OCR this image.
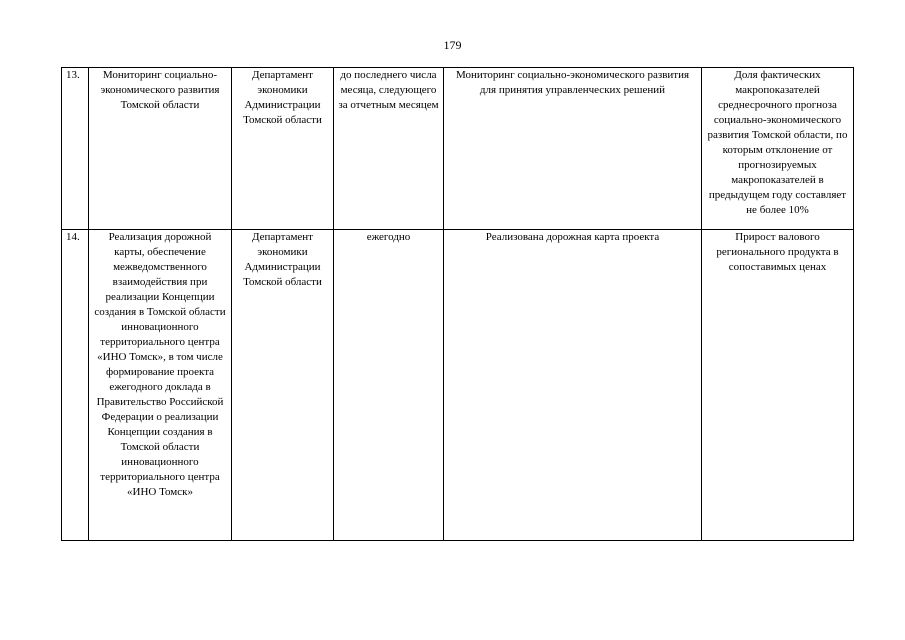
179
13.	Мониторинг социально-экономического развития Томской области	Департамент экономики Администрации Томской области	до последнего числа месяца, следующего за отчетным месяцем	Мониторинг социально-экономического развития для принятия управленческих решений	Доля фактических макропоказателей среднесрочного прогноза социально-экономического развития Томской области, по которым отклонение от прогнозируемых макропоказателей в предыдущем году составляет не более 10%
14.	Реализация дорожной карты, обеспечение межведомственного взаимодействия при реализации Концепции создания в Томской области инновационного территориального центра «ИНО Томск», в том числе формирование проекта ежегодного доклада в Правительство Российской Федерации о реализации Концепции создания в Томской области инновационного территориального центра «ИНО Томск»	Департамент экономики Администрации Томской области	ежегодно	Реализована дорожная карта проекта	Прирост валового регионального продукта в сопоставимых ценах
